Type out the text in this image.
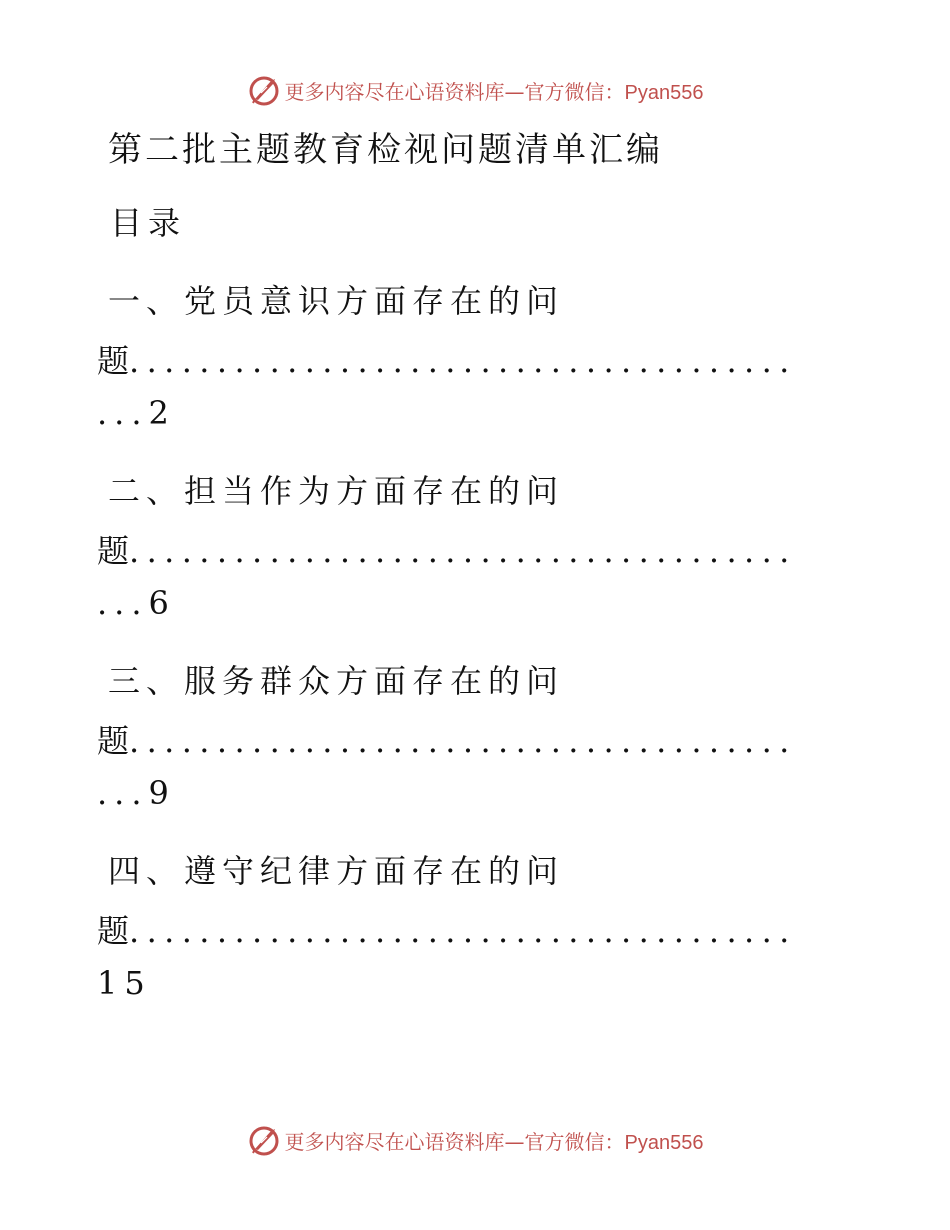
更多内容尽在心语资料库—官方微信：Pyan556
第二批主题教育检视问题清单汇编
目录
一、党员意识方面存在的问
题......................................
...2
二、担当作为方面存在的问
题......................................
...6
三、服务群众方面存在的问
题......................................
...9
四、遵守纪律方面存在的问
题......................................
15
更多内容尽在心语资料库—官方微信：Pyan556
